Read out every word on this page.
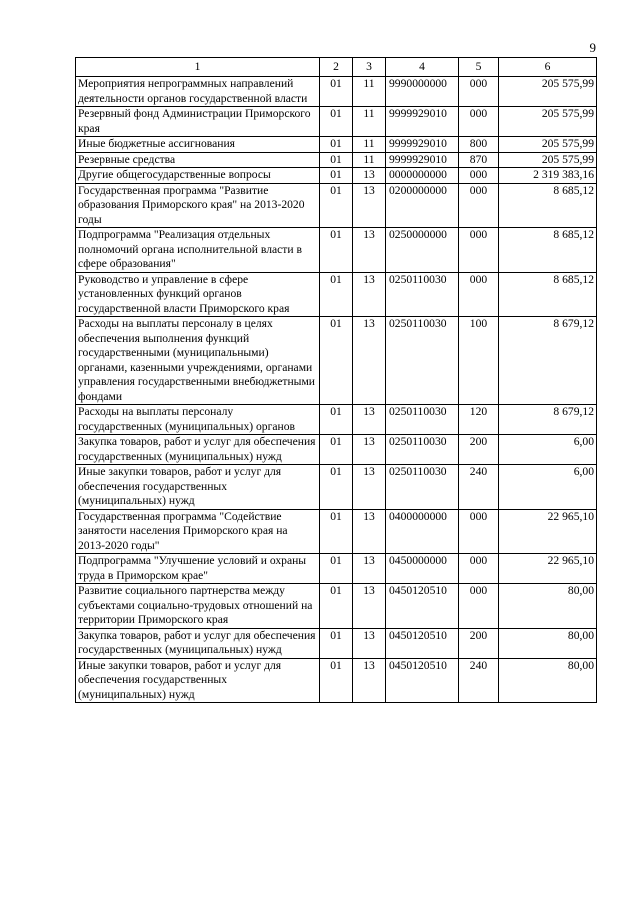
9
1	2	3	4	5	6
Мероприятия непрограммных направлений деятельности органов государственной власти	01	11	9990000000	000	205 575,99
Резервный фонд Администрации Приморского края	01	11	9999929010	000	205 575,99
Иные бюджетные ассигнования	01	11	9999929010	800	205 575,99
Резервные средства	01	11	9999929010	870	205 575,99
Другие общегосударственные вопросы	01	13	0000000000	000	2 319 383,16
Государственная программа "Развитие образования Приморского края" на 2013-2020 годы	01	13	0200000000	000	8 685,12
Подпрограмма "Реализация отдельных полномочий органа исполнительной власти в сфере образования"	01	13	0250000000	000	8 685,12
Руководство и управление в сфере установленных функций органов государственной власти Приморского края	01	13	0250110030	000	8 685,12
Расходы на выплаты персоналу в целях обеспечения выполнения функций государственными (муниципальными) органами, казенными учреждениями, органами управления государственными внебюджетными фондами	01	13	0250110030	100	8 679,12
Расходы на выплаты персоналу государственных (муниципальных) органов	01	13	0250110030	120	8 679,12
Закупка товаров, работ и услуг для обеспечения государственных (муниципальных) нужд	01	13	0250110030	200	6,00
Иные закупки товаров, работ и услуг для обеспечения государственных (муниципальных) нужд	01	13	0250110030	240	6,00
Государственная программа "Содействие занятости населения Приморского края на 2013-2020 годы"	01	13	0400000000	000	22 965,10
Подпрограмма "Улучшение условий и охраны труда в Приморском крае"	01	13	0450000000	000	22 965,10
Развитие социального партнерства между субъектами социально-трудовых отношений на территории Приморского края	01	13	0450120510	000	80,00
Закупка товаров, работ и услуг для обеспечения государственных (муниципальных) нужд	01	13	0450120510	200	80,00
Иные закупки товаров, работ и услуг для обеспечения государственных (муниципальных) нужд	01	13	0450120510	240	80,00
